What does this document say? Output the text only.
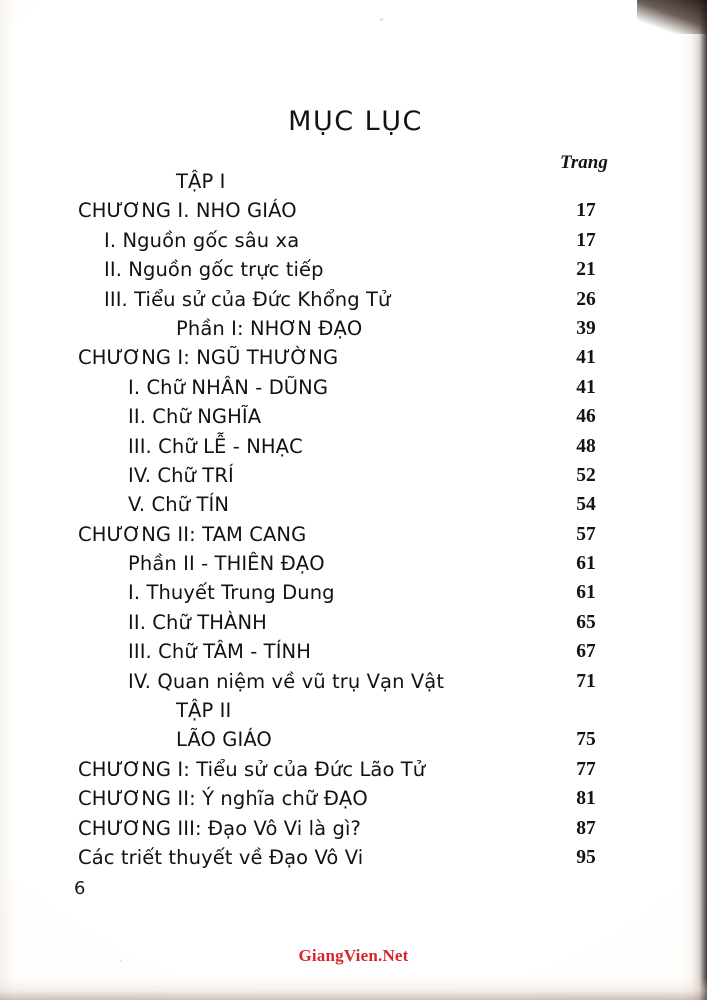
MỤC LỤC
Trang
TẬP I
CHƯƠNG I. NHO GIÁO	17
I. Nguồn gốc sâu xa	17
II. Nguồn gốc trực tiếp	21
III. Tiểu sử của Đức Khổng Tử	26
Phần I: NHƠN ĐẠO	39
CHƯƠNG I: NGŨ THƯỜNG	41
I. Chữ NHÂN - DŨNG	41
II. Chữ NGHĨA	46
III. Chữ LỄ - NHẠC	48
IV. Chữ TRÍ	52
V. Chữ TÍN	54
CHƯƠNG II: TAM CANG	57
Phần II - THIÊN ĐẠO	61
I. Thuyết Trung Dung	61
II. Chữ THÀNH	65
III. Chữ TÂM - TÍNH	67
IV. Quan niệm về vũ trụ Vạn Vật	71
TẬP II
LÃO GIÁO	75
CHƯƠNG I: Tiểu sử của Đức Lão Tử	77
CHƯƠNG II: Ý nghĩa chữ ĐẠO	81
CHƯƠNG III: Đạo Vô Vi là gì?	87
Các triết thuyết về Đạo Vô Vi	95
6
GiangVien.Net
